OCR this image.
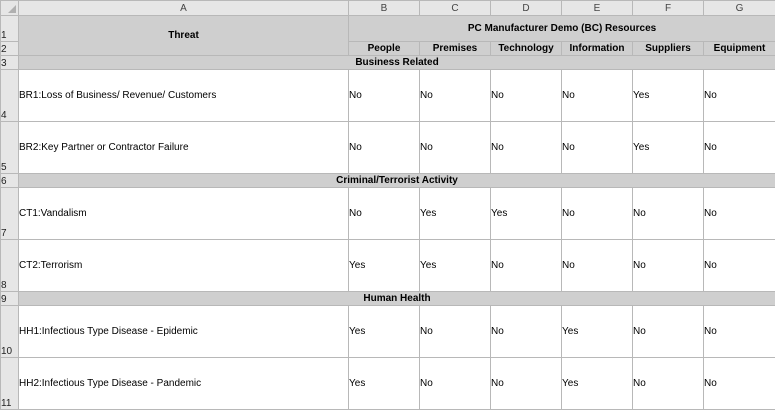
	A	B	C	D	E	F	G
1	Threat	PC Manufacturer Demo (BC) Resources					
2		People	Premises	Technology	Information	Suppliers	Equipment
3	Business Related						
4	BR1:Loss of Business/ Revenue/ Customers	No	No	No	No	Yes	No
5	BR2:Key Partner or Contractor Failure	No	No	No	No	Yes	No
6	Criminal/Terrorist Activity						
7	CT1:Vandalism	No	Yes	Yes	No	No	No
8	CT2:Terrorism	Yes	Yes	No	No	No	No
9	Human Health						
10	HH1:Infectious Type Disease - Epidemic	Yes	No	No	Yes	No	No
11	HH2:Infectious Type Disease - Pandemic	Yes	No	No	Yes	No	No
